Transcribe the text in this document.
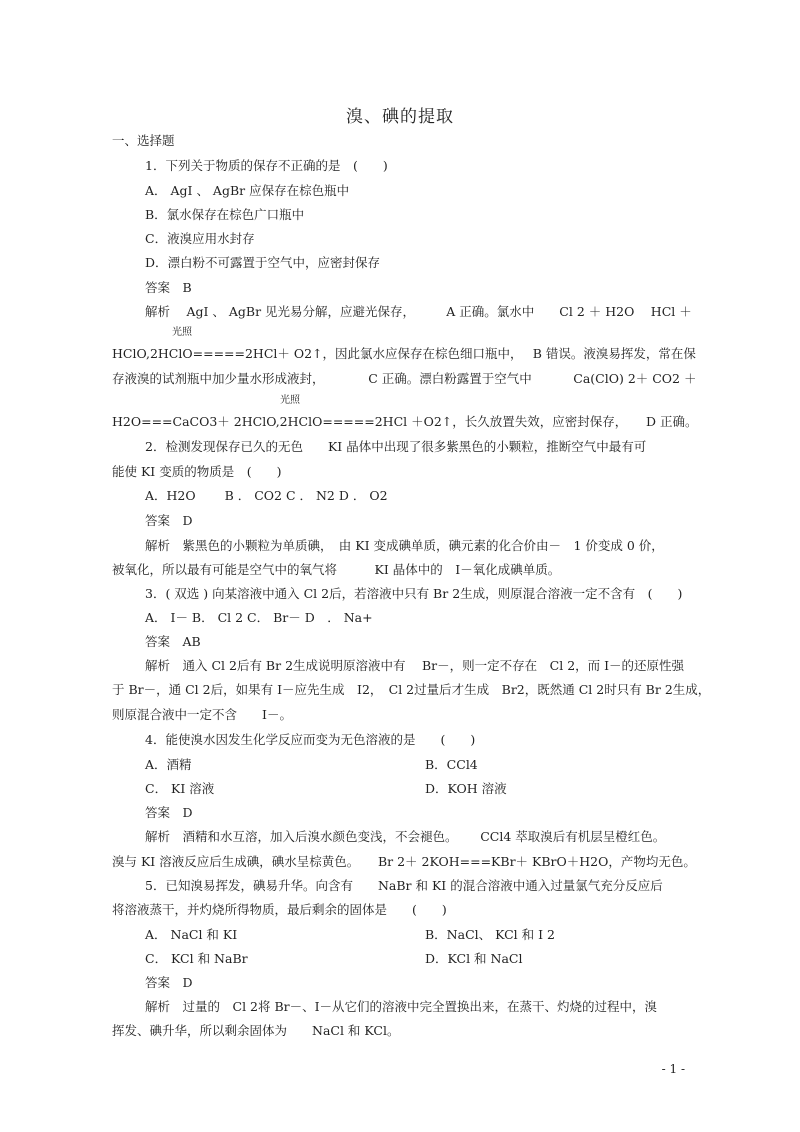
溴、碘的提取
一、选择题
1．下列关于物质的保存不正确的是　(　　)
A． AgI 、 AgBr 应保存在棕色瓶中
B．氯水保存在棕色广口瓶中
C．液溴应用水封存
D．漂白粉不可露置于空气中，应密封保存
答案　B
解析　 AgI 、 AgBr 见光易分解，应避光保存，　　　A 正确。氯水中　　Cl 2 ＋ H2O　 HCl ＋
光照
HClO,2HClO=====2HCl＋ O2↑，因此氯水应保存在棕色细口瓶中，　 B 错误。液溴易挥发，常在保
存液溴的试剂瓶中加少量水形成液封，　　　　C 正确。漂白粉露置于空气中　　　 Ca(ClO) 2＋ CO2 ＋
光照
H2O===CaCO3＋ 2HClO,2HClO=====2HCl ＋O2↑，长久放置失效，应密封保存，　　D 正确。
2．检测发现保存已久的无色　　KI 晶体中出现了很多紫黑色的小颗粒，推断空气中最有可
能使 KI 变质的物质是　(　　)
A．H2O　　 B ． CO2 C ． N2 D ． O2
答案　D
解析　紫黑色的小颗粒为单质碘，　由 KI 变成碘单质，碘元素的化合价由－　1 价变成 0 价，
被氧化，所以最有可能是空气中的氧气将　　　KI 晶体中的　I－氧化成碘单质。
3．( 双选 ) 向某溶液中通入 Cl 2后，若溶液中只有 Br 2生成，则原混合溶液一定不含有　(　　)
A． I－ B． Cl 2 C． Br－ D　． Na+
答案　AB
解析　通入 Cl 2后有 Br 2生成说明原溶液中有　 Br－，则一定不存在　Cl 2，而 I－的还原性强
于 Br－，通 Cl 2后，如果有 I－应先生成　I2，　Cl 2过量后才生成　Br2，既然通 Cl 2时只有 Br 2生成，
则原混合液中一定不含　　I－。
4．能使溴水因发生化学反应而变为无色溶液的是　　(　　)
A．酒精	B．CCl4
C． KI 溶液	D．KOH 溶液
答案　D
解析　酒精和水互溶，加入后溴水颜色变浅，不会褪色。　　 CCl4 萃取溴后有机层呈橙红色。
溴与 KI 溶液反应后生成碘，碘水呈棕黄色。　　Br 2＋ 2KOH===KBr＋ KBrO＋H2O，产物均无色。
5．已知溴易挥发，碘易升华。向含有　　NaBr 和 KI 的混合溶液中通入过量氯气充分反应后
将溶液蒸干，并灼烧所得物质，最后剩余的固体是　　(　　)
A． NaCl 和 KI	B．NaCl、 KCl 和 I 2
C． KCl 和 NaBr	D．KCl 和 NaCl
答案　D
解析　过量的　Cl 2将 Br－、I－从它们的溶液中完全置换出来，在蒸干、灼烧的过程中，溴
挥发、碘升华，所以剩余固体为　　NaCl 和 KCl。
- 1 -
